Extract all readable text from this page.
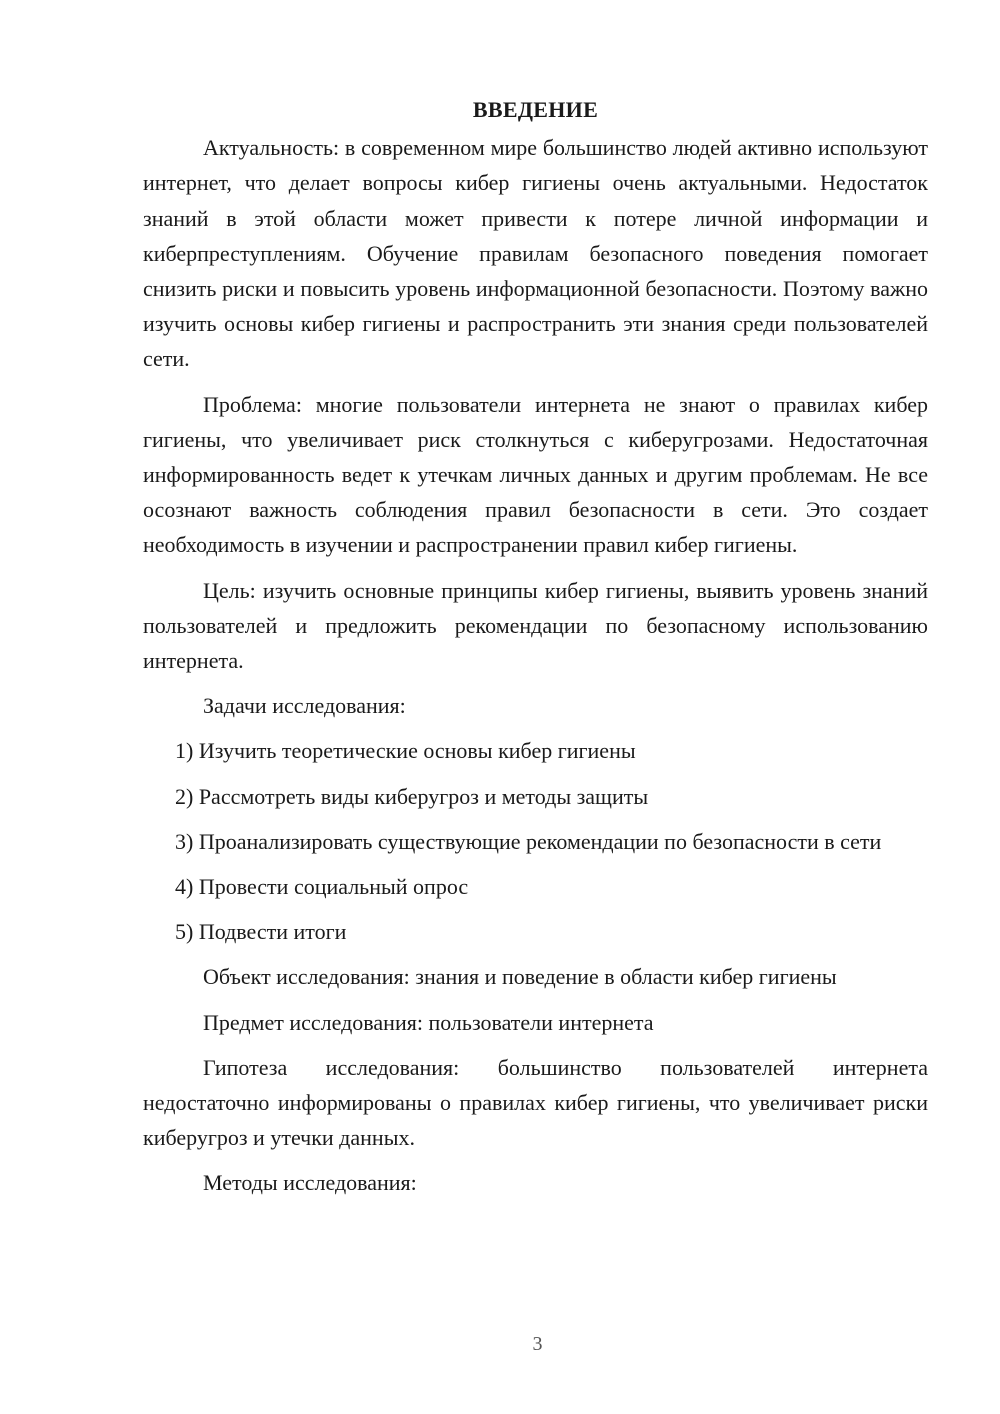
ВВЕДЕНИЕ

Актуальность: в современном мире большинство людей активно используют интернет, что делает вопросы кибер гигиены очень актуальными. Недостаток знаний в этой области может привести к потере личной информации и киберпреступлениям. Обучение правилам безопасного поведения помогает снизить риски и повысить уровень информационной безопасности. Поэтому важно изучить основы кибер гигиены и распространить эти знания среди пользователей сети.

Проблема: многие пользователи интернета не знают о правилах кибер гигиены, что увеличивает риск столкнуться с киберугрозами. Недостаточная информированность ведет к утечкам личных данных и другим проблемам. Не все осознают важность соблюдения правил безопасности в сети. Это создает необходимость в изучении и распространении правил кибер гигиены.

Цель: изучить основные принципы кибер гигиены, выявить уровень знаний пользователей и предложить рекомендации по безопасному использованию интернета.

Задачи исследования:

1) Изучить теоретические основы кибер гигиены

2) Рассмотреть виды киберугроз и методы защиты

3) Проанализировать существующие рекомендации по безопасности в сети

4) Провести социальный опрос

5) Подвести итоги

Объект исследования: знания и поведение в области кибер гигиены

Предмет исследования: пользователи интернета

Гипотеза исследования: большинство пользователей интернета недостаточно информированы о правилах кибер гигиены, что увеличивает риски киберугроз и утечки данных.

Методы исследования:

3
